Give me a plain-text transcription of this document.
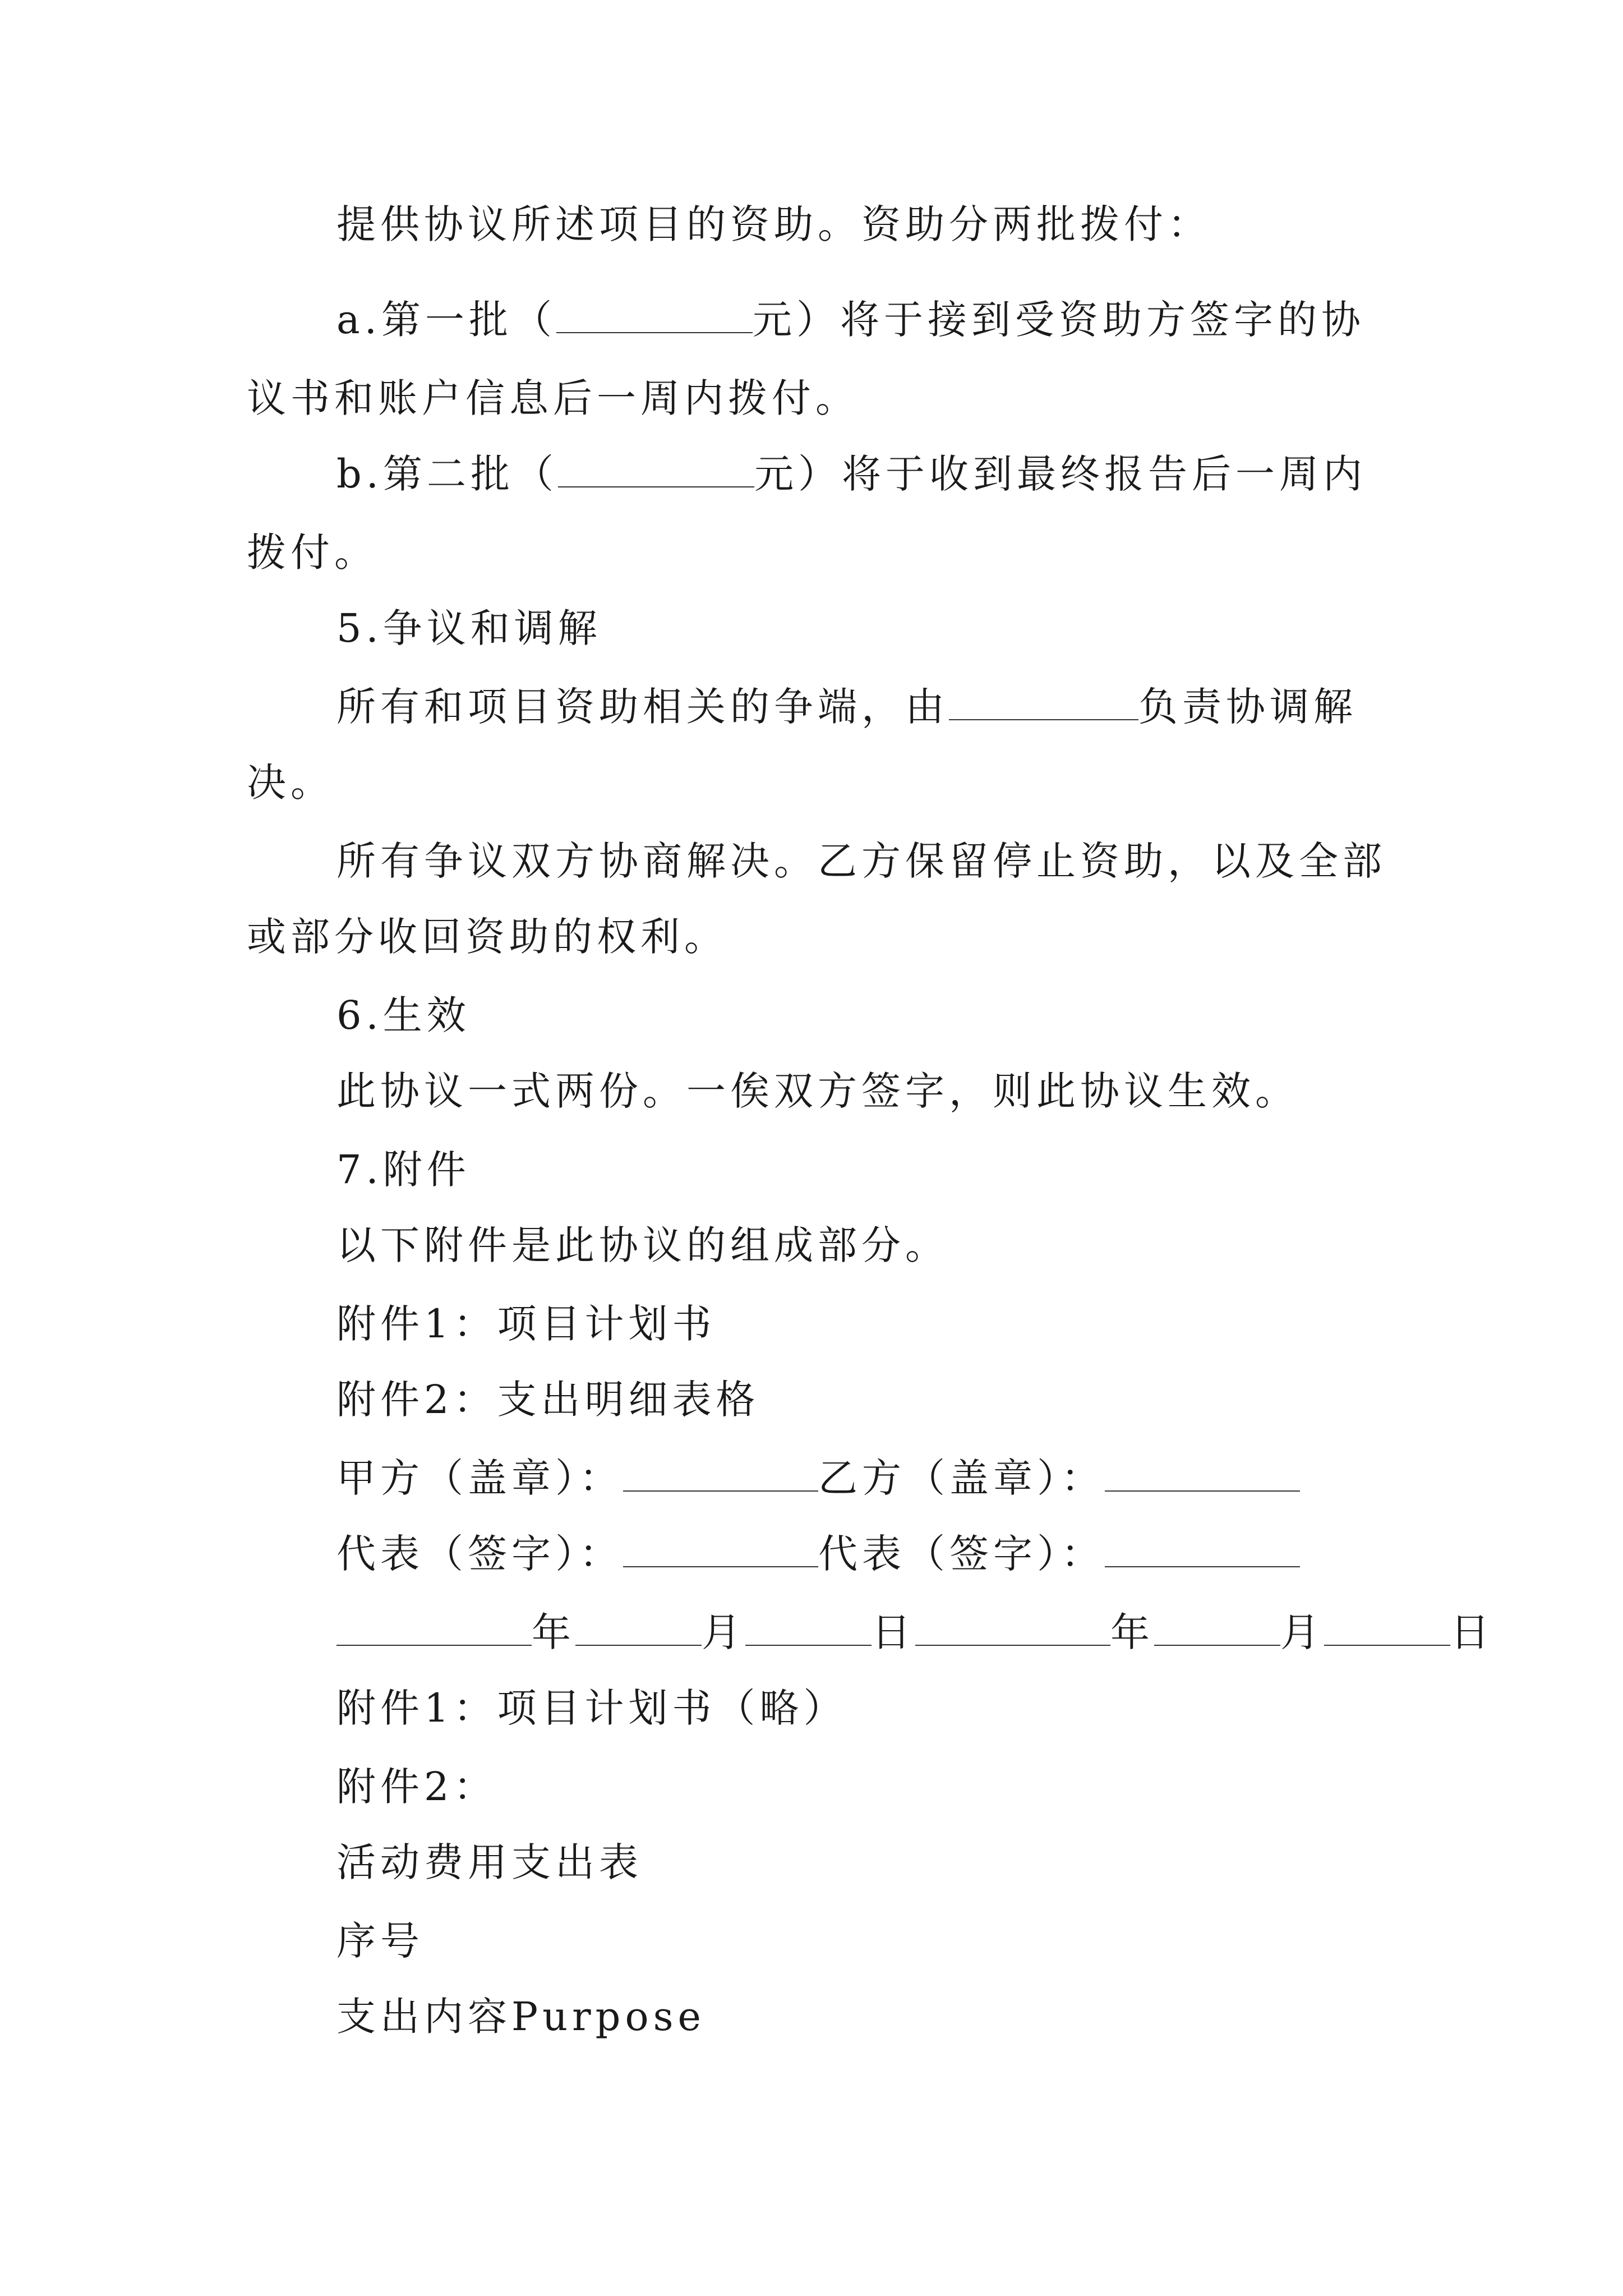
提供协议所述项目的资助。资助分两批拨付：
a.第一批（	元）将于接到受资助方签字的协
议书和账户信息后一周内拨付。
b.第二批（	元）将于收到最终报告后一周内
拨付。
5.争议和调解
所有和项目资助相关的争端，由	负责协调解
决。
所有争议双方协商解决。乙方保留停止资助，以及全部
或部分收回资助的权利。
6.生效
此协议一式两份。一俟双方签字，则此协议生效。
7.附件
以下附件是此协议的组成部分。
附件1：项目计划书
附件2：支出明细表格
甲方（盖章）：	乙方（盖章）：
代表（签字）：	代表（签字）：
年	月	日	年	月	日
附件1：项目计划书（略）
附件2：
活动费用支出表
序号
支出内容Purpose
